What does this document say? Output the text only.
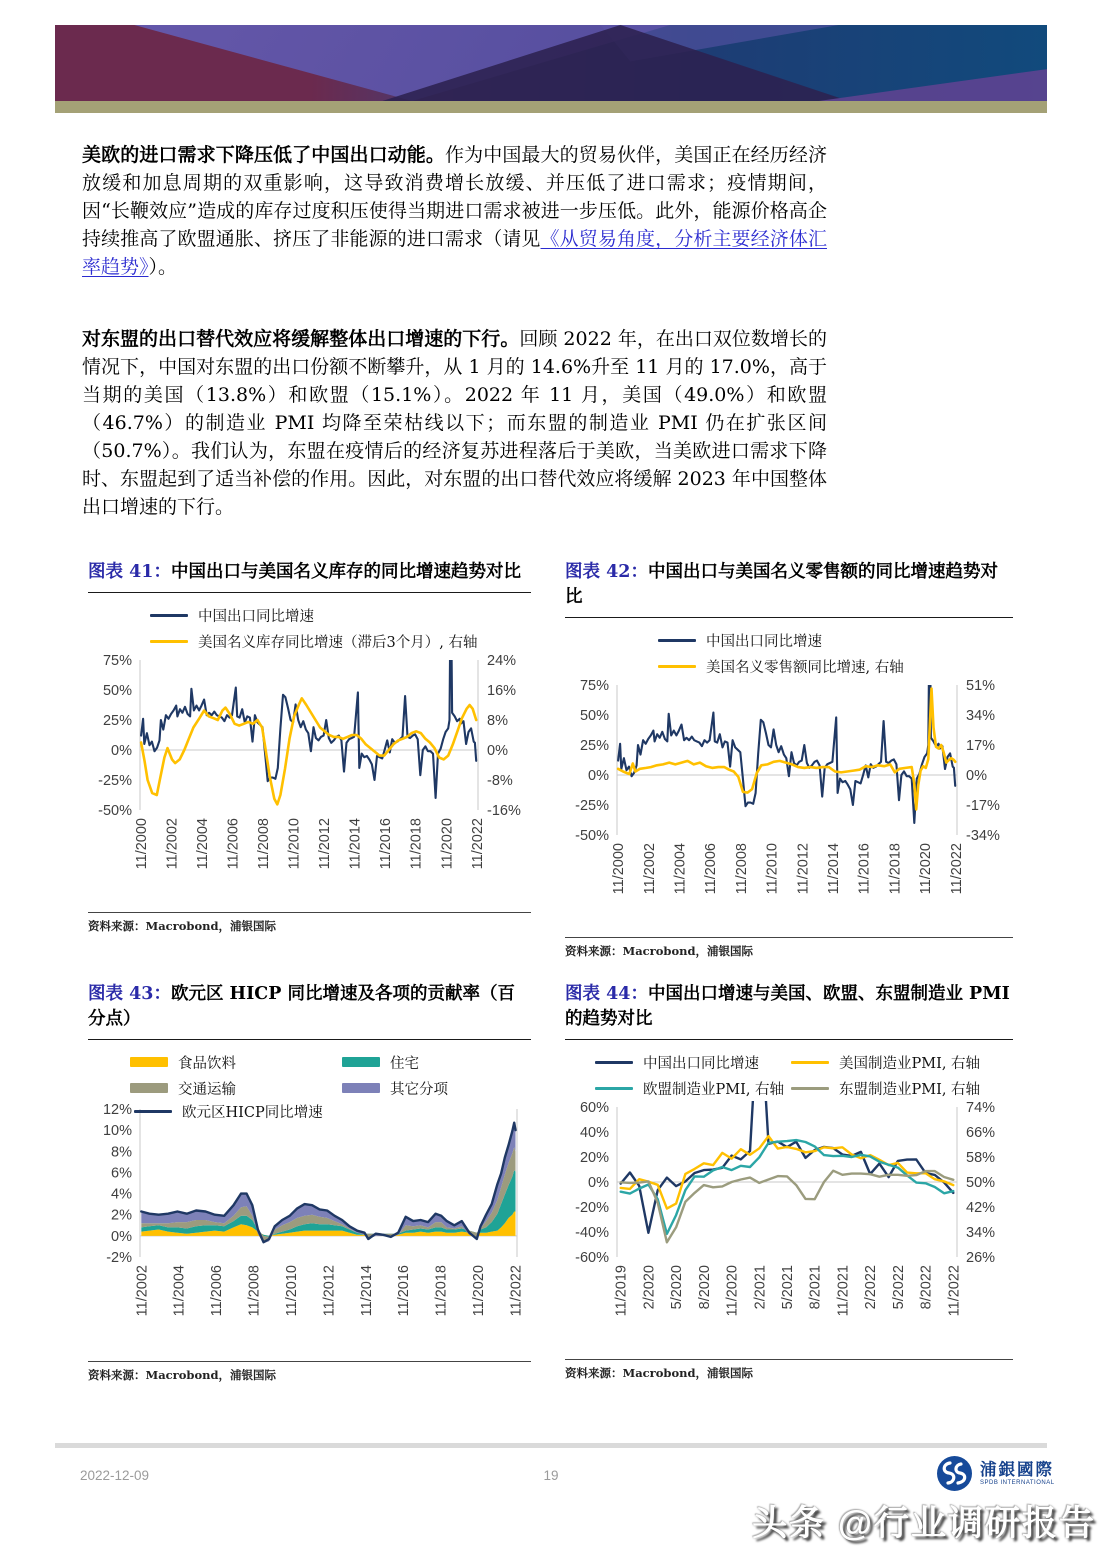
美欧的进口需求下降压低了中国出口动能。作为中国最大的贸易伙伴，美国正在经历经济放缓和加息周期的双重影响，这导致消费增长放缓、并压低了进口需求；疫情期间，因“长鞭效应”造成的库存过度积压使得当期进口需求被进一步压低。此外，能源价格高企持续推高了欧盟通胀、挤压了非能源的进口需求（请见《从贸易角度，分析主要经济体汇率趋势》）。

对东盟的出口替代效应将缓解整体出口增速的下行。回顾 2022 年，在出口双位数增长的情况下，中国对东盟的出口份额不断攀升，从 1 月的 14.6%升至 11 月的 17.0%，高于当期的美国（13.8%）和欧盟（15.1%）。2022 年 11 月，美国（49.0%）和欧盟（46.7%）的制造业 PMI 均降至荣枯线以下；而东盟的制造业 PMI 仍在扩张区间（50.7%）。我们认为，东盟在疫情后的经济复苏进程落后于美欧，当美欧进口需求下降时、东盟起到了适当补偿的作用。因此，对东盟的出口替代效应将缓解 2023 年中国整体出口增速的下行。

图表 41：中国出口与美国名义库存的同比增速趋势对比
中国出口同比增速
美国名义库存同比增速（滞后3个月）, 右轴
75%
50%
25%
0%
-25%
-50%
24%
16%
8%
0%
-8%
-16%
11/2000 11/2002 11/2004 11/2006 11/2008 11/2010 11/2012 11/2014 11/2016 11/2018 11/2020 11/2022
资料来源：Macrobond，浦银国际
图表 42：中国出口与美国名义零售额的同比增速趋势对比
中国出口同比增速
美国名义零售额同比增速, 右轴
75%
50%
25%
0%
-25%
-50%
51%
34%
17%
0%
-17%
-34%
11/2000 11/2002 11/2004 11/2006 11/2008 11/2010 11/2012 11/2014 11/2016 11/2018 11/2020 11/2022
资料来源：Macrobond，浦银国际
图表 43：欧元区 HICP 同比增速及各项的贡献率（百分点）
食品饮料	住宅
交通运输	其它分项
欧元区HICP同比增速
12%
10%
8%
6%
4%
2%
0%
-2%
11/2002 11/2004 11/2006 11/2008 11/2010 11/2012 11/2014 11/2016 11/2018 11/2020 11/2022
资料来源：Macrobond，浦银国际
图表 44：中国出口增速与美国、欧盟、东盟制造业 PMI 的趋势对比
中国出口同比增速	美国制造业PMI, 右轴
欧盟制造业PMI, 右轴	东盟制造业PMI, 右轴
60%
40%
20%
0%
-20%
-40%
-60%
74%
66%
58%
50%
42%
34%
26%
11/2019 2/2020 5/2020 8/2020 11/2020 2/2021 5/2021 8/2021 11/2021 2/2022 5/2022 8/2022 11/2022
资料来源：Macrobond，浦银国际
2022-12-09	19	浦銀國際
SPDB INTERNATIONAL
头条 @行业调研报告
